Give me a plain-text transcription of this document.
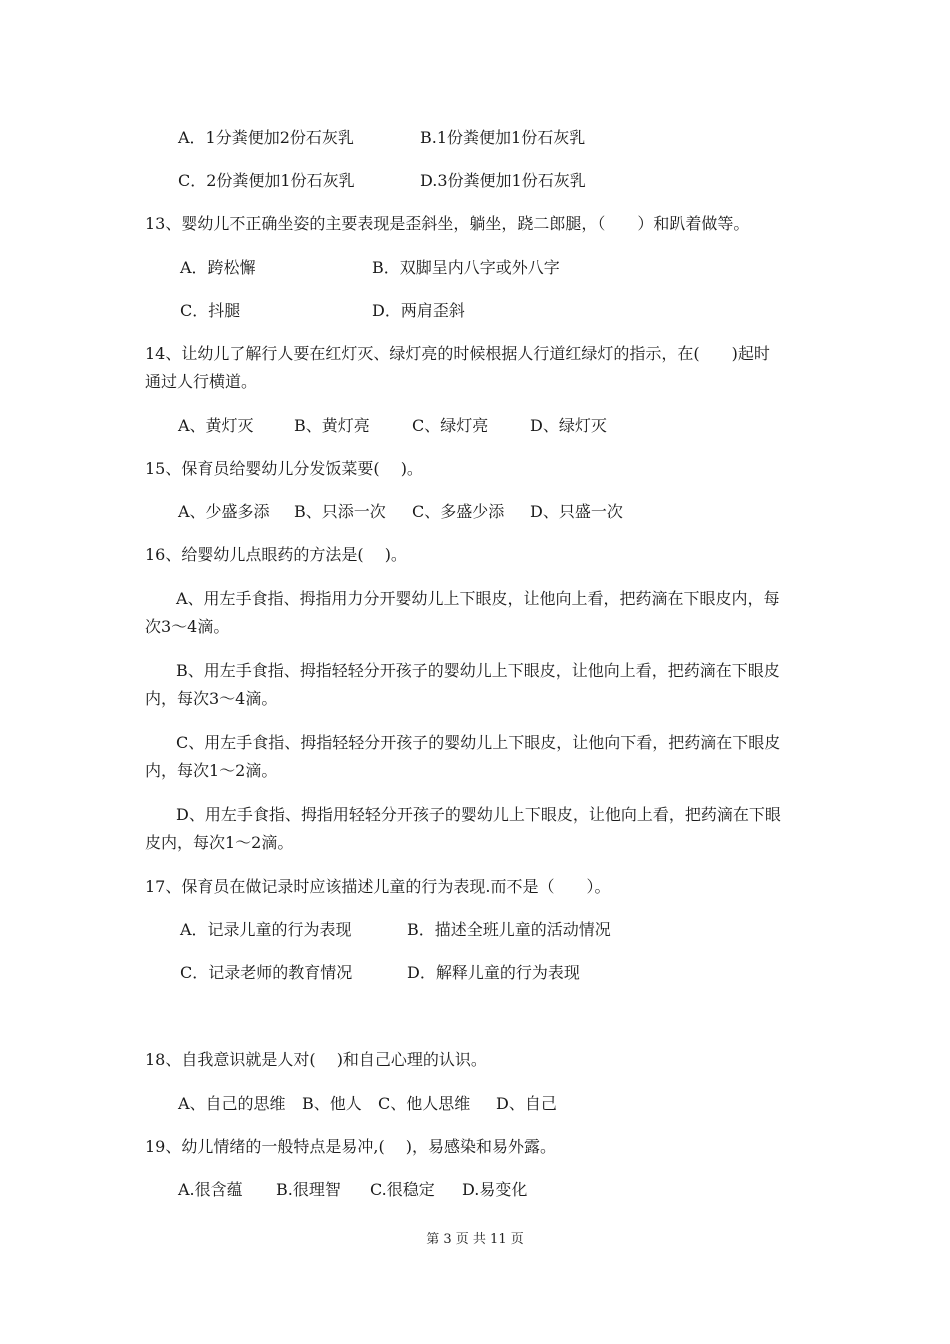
A．1分粪便加2份石灰乳	B.1份粪便加1份石灰乳
C．2份粪便加1份石灰乳	D.3份粪便加1份石灰乳
13、婴幼儿不正确坐姿的主要表现是歪斜坐，躺坐，跷二郎腿，（　　）和趴着做等。
A．跨松懈	B．双脚呈内八字或外八字
C．抖腿	D．两肩歪斜
14、让幼儿了解行人要在红灯灭、绿灯亮的时候根据人行道红绿灯的指示，在(　　)起时
通过人行横道。
A、黄灯灭	B、黄灯亮	C、绿灯亮	D、绿灯灭
15、保育员给婴幼儿分发饭菜要(　 )。
A、少盛多添 B、只添一次 C、多盛少添 D、只盛一次
16、给婴幼儿点眼药的方法是(　 )。
A、用左手食指、拇指用力分开婴幼儿上下眼皮，让他向上看，把药滴在下眼皮内，每
次3～4滴。
B、用左手食指、拇指轻轻分开孩子的婴幼儿上下眼皮，让他向上看，把药滴在下眼皮
内，每次3～4滴。
C、用左手食指、拇指轻轻分开孩子的婴幼儿上下眼皮，让他向下看，把药滴在下眼皮
内，每次1～2滴。
D、用左手食指、拇指用轻轻分开孩子的婴幼儿上下眼皮，让他向上看，把药滴在下眼
皮内，每次1～2滴。
17、保育员在做记录时应该描述儿童的行为表现.而不是（　　）。
A．记录儿童的行为表现	B．描述全班儿童的活动情况
C．记录老师的教育情况	D．解释儿童的行为表现
18、自我意识就是人对(　 )和自己心理的认识。
A、自己的思维 B、他人 C、他人思维 D、自己
19、幼儿情绪的一般特点是易冲,(　 )，易感染和易外露。
A.很含蕴 B.很理智 C.很稳定 D.易变化
第 3 页 共 11 页
